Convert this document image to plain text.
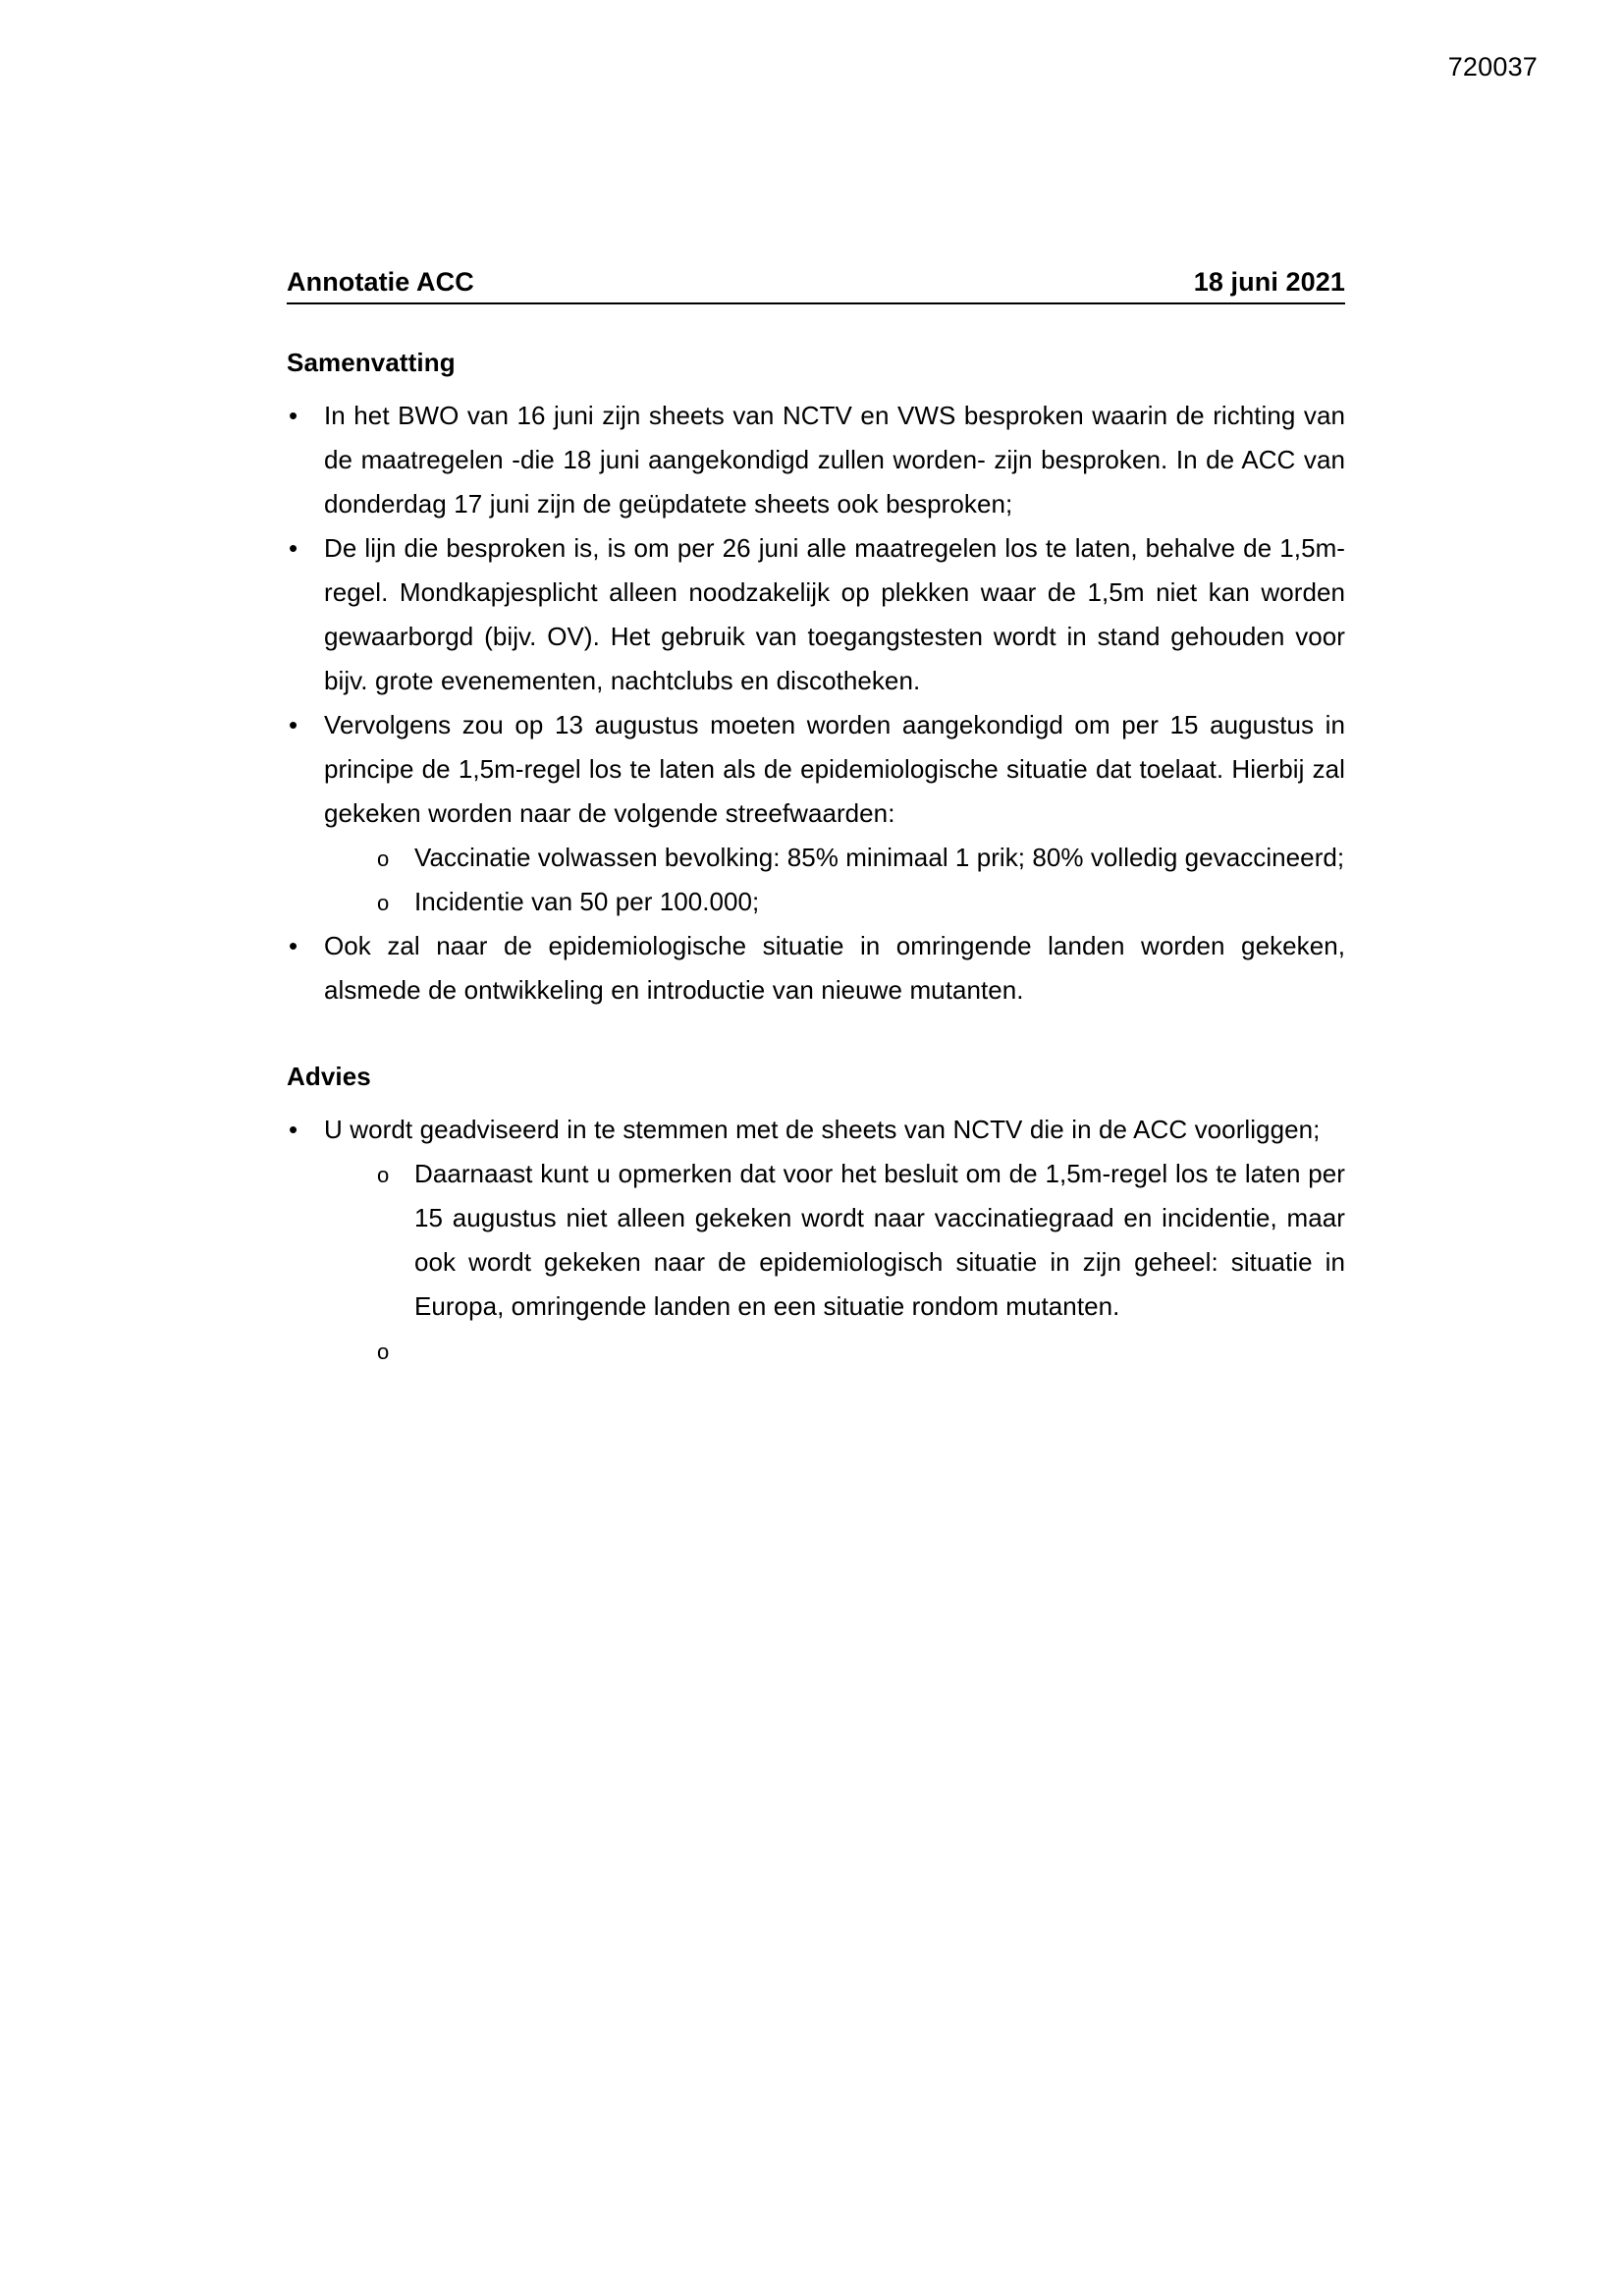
720037
Annotatie ACC	18 juni 2021
Samenvatting
• In het BWO van 16 juni zijn sheets van NCTV en VWS besproken waarin de richting van de maatregelen -die 18 juni aangekondigd zullen worden- zijn besproken. In de ACC van donderdag 17 juni zijn de geüpdatete sheets ook besproken;
• De lijn die besproken is, is om per 26 juni alle maatregelen los te laten, behalve de 1,5m-regel. Mondkapjesplicht alleen noodzakelijk op plekken waar de 1,5m niet kan worden gewaarborgd (bijv. OV). Het gebruik van toegangstesten wordt in stand gehouden voor bijv. grote evenementen, nachtclubs en discotheken.
• Vervolgens zou op 13 augustus moeten worden aangekondigd om per 15 augustus in principe de 1,5m-regel los te laten als de epidemiologische situatie dat toelaat. Hierbij zal gekeken worden naar de volgende streefwaarden:
o Vaccinatie volwassen bevolking: 85% minimaal 1 prik; 80% volledig gevaccineerd;
o Incidentie van 50 per 100.000;
• Ook zal naar de epidemiologische situatie in omringende landen worden gekeken, alsmede de ontwikkeling en introductie van nieuwe mutanten.
Advies
• U wordt geadviseerd in te stemmen met de sheets van NCTV die in de ACC voorliggen;
o Daarnaast kunt u opmerken dat voor het besluit om de 1,5m-regel los te laten per 15 augustus niet alleen gekeken wordt naar vaccinatiegraad en incidentie, maar ook wordt gekeken naar de epidemiologisch situatie in zijn geheel: situatie in Europa, omringende landen en een situatie rondom mutanten.
o
